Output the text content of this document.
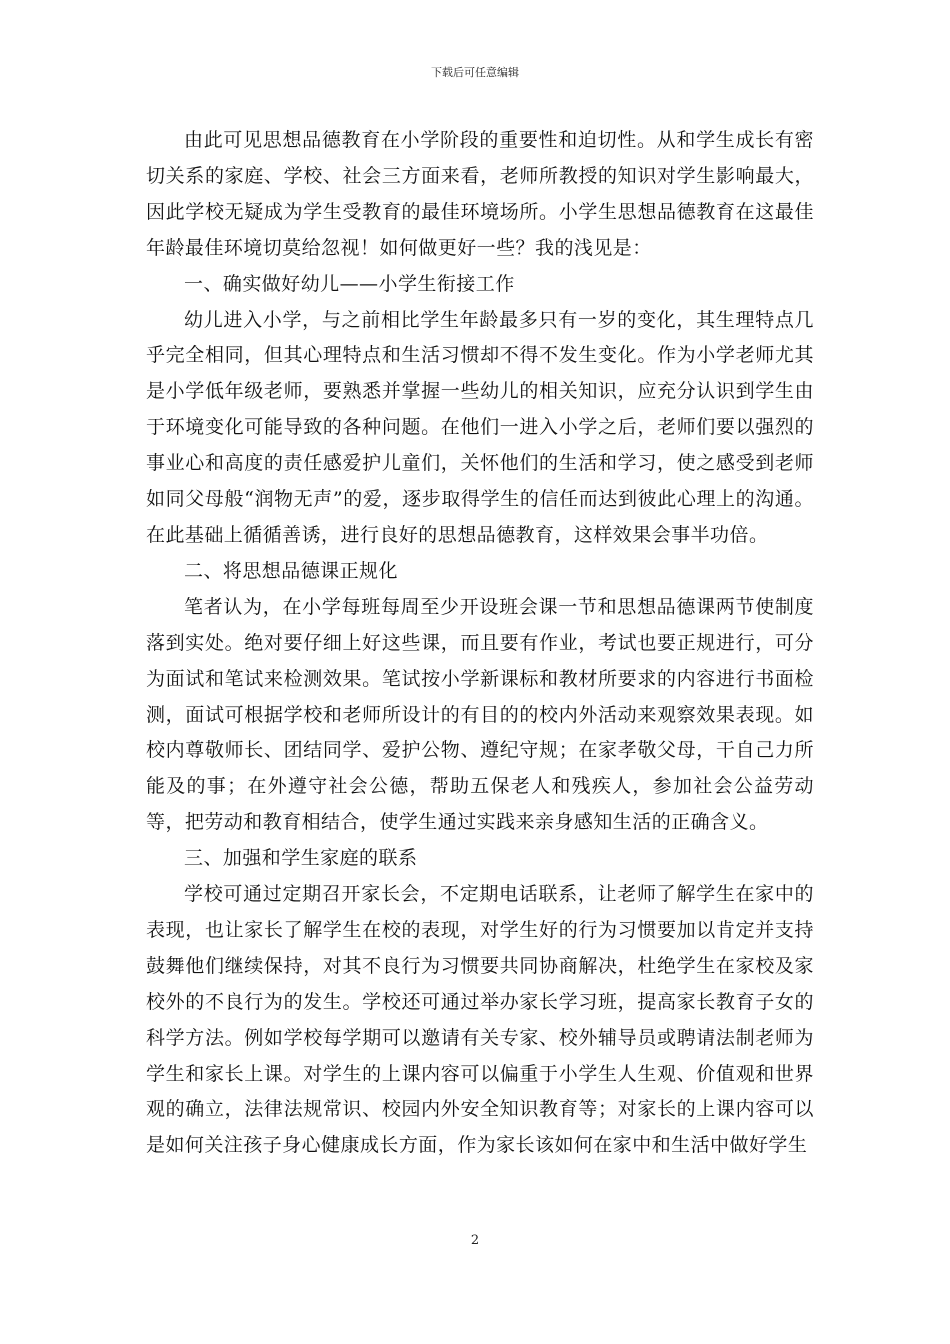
下载后可任意编辑

由此可见思想品德教育在小学阶段的重要性和迫切性。从和学生成长有密切关系的家庭、学校、社会三方面来看，老师所教授的知识对学生影响最大，因此学校无疑成为学生受教育的最佳环境场所。小学生思想品德教育在这最佳年龄最佳环境切莫给忽视！如何做更好一些？我的浅见是：

一、确实做好幼儿——小学生衔接工作

幼儿进入小学，与之前相比学生年龄最多只有一岁的变化，其生理特点几乎完全相同，但其心理特点和生活习惯却不得不发生变化。作为小学老师尤其是小学低年级老师，要熟悉并掌握一些幼儿的相关知识，应充分认识到学生由于环境变化可能导致的各种问题。在他们一进入小学之后，老师们要以强烈的事业心和高度的责任感爱护儿童们，关怀他们的生活和学习，使之感受到老师如同父母般“润物无声”的爱，逐步取得学生的信任而达到彼此心理上的沟通。在此基础上循循善诱，进行良好的思想品德教育，这样效果会事半功倍。

二、将思想品德课正规化

笔者认为，在小学每班每周至少开设班会课一节和思想品德课两节使制度落到实处。绝对要仔细上好这些课，而且要有作业，考试也要正规进行，可分为面试和笔试来检测效果。笔试按小学新课标和教材所要求的内容进行书面检测，面试可根据学校和老师所设计的有目的的校内外活动来观察效果表现。如校内尊敬师长、团结同学、爱护公物、遵纪守规；在家孝敬父母，干自己力所能及的事；在外遵守社会公德，帮助五保老人和残疾人，参加社会公益劳动等，把劳动和教育相结合，使学生通过实践来亲身感知生活的正确含义。

三、加强和学生家庭的联系

学校可通过定期召开家长会，不定期电话联系，让老师了解学生在家中的表现，也让家长了解学生在校的表现，对学生好的行为习惯要加以肯定并支持鼓舞他们继续保持，对其不良行为习惯要共同协商解决，杜绝学生在家校及家校外的不良行为的发生。学校还可通过举办家长学习班，提高家长教育子女的科学方法。例如学校每学期可以邀请有关专家、校外辅导员或聘请法制老师为学生和家长上课。对学生的上课内容可以偏重于小学生人生观、价值观和世界观的确立，法律法规常识、校园内外安全知识教育等；对家长的上课内容可以是如何关注孩子身心健康成长方面，作为家长该如何在家中和生活中做好学生

2
